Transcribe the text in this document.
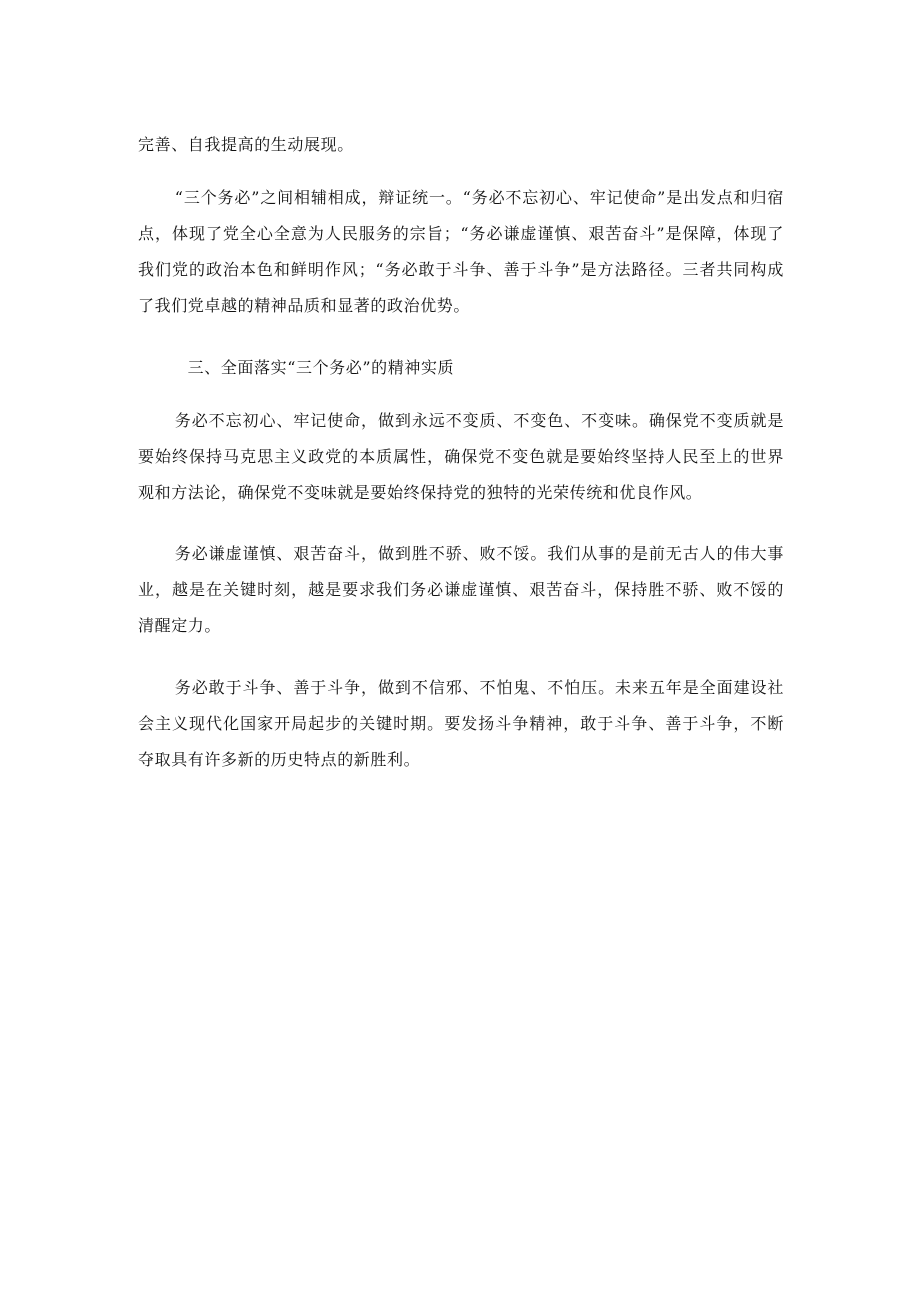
完善、自我提高的生动展现。

“三个务必”之间相辅相成，辩证统一。“务必不忘初心、牢记使命”是出发点和归宿点，体现了党全心全意为人民服务的宗旨；“务必谦虚谨慎、艰苦奋斗”是保障，体现了我们党的政治本色和鲜明作风；“务必敢于斗争、善于斗争”是方法路径。三者共同构成了我们党卓越的精神品质和显著的政治优势。

三、全面落实“三个务必”的精神实质

务必不忘初心、牢记使命，做到永远不变质、不变色、不变味。确保党不变质就是要始终保持马克思主义政党的本质属性，确保党不变色就是要始终坚持人民至上的世界观和方法论，确保党不变味就是要始终保持党的独特的光荣传统和优良作风。

务必谦虚谨慎、艰苦奋斗，做到胜不骄、败不馁。我们从事的是前无古人的伟大事业，越是在关键时刻，越是要求我们务必谦虚谨慎、艰苦奋斗，保持胜不骄、败不馁的清醒定力。

务必敢于斗争、善于斗争，做到不信邪、不怕鬼、不怕压。未来五年是全面建设社会主义现代化国家开局起步的关键时期。要发扬斗争精神，敢于斗争、善于斗争，不断夺取具有许多新的历史特点的新胜利。
